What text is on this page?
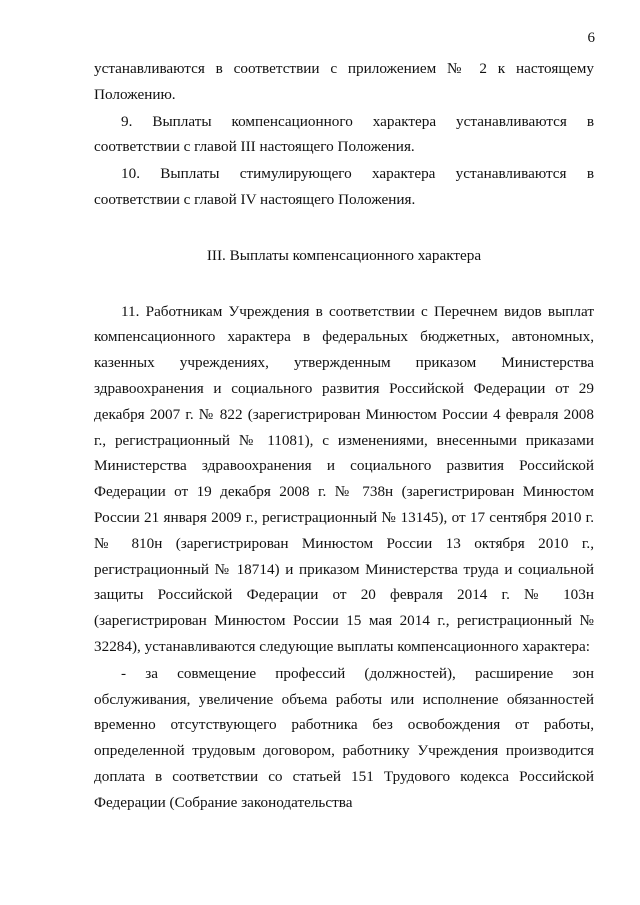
6

устанавливаются в соответствии с приложением № 2 к настоящему Положению.

9. Выплаты компенсационного характера устанавливаются в соответствии с главой III настоящего Положения.

10. Выплаты стимулирующего характера устанавливаются в соответствии с главой IV настоящего Положения.

III. Выплаты компенсационного характера

11. Работникам Учреждения в соответствии с Перечнем видов выплат компенсационного характера в федеральных бюджетных, автономных, казенных учреждениях, утвержденным приказом Министерства здравоохранения и социального развития Российской Федерации от 29 декабря 2007 г. № 822 (зарегистрирован Минюстом России 4 февраля 2008 г., регистрационный № 11081), с изменениями, внесенными приказами Министерства здравоохранения и социального развития Российской Федерации от 19 декабря 2008 г. № 738н (зарегистрирован Минюстом России 21 января 2009 г., регистрационный № 13145), от 17 сентября 2010 г. № 810н (зарегистрирован Минюстом России 13 октября 2010 г., регистрационный № 18714) и приказом Министерства труда и социальной защиты Российской Федерации от 20 февраля 2014 г. № 103н (зарегистрирован Минюстом России 15 мая 2014 г., регистрационный № 32284), устанавливаются следующие выплаты компенсационного характера:

- за совмещение профессий (должностей), расширение зон обслуживания, увеличение объема работы или исполнение обязанностей временно отсутствующего работника без освобождения от работы, определенной трудовым договором, работнику Учреждения производится доплата в соответствии со статьей 151 Трудового кодекса Российской Федерации (Собрание законодательства
